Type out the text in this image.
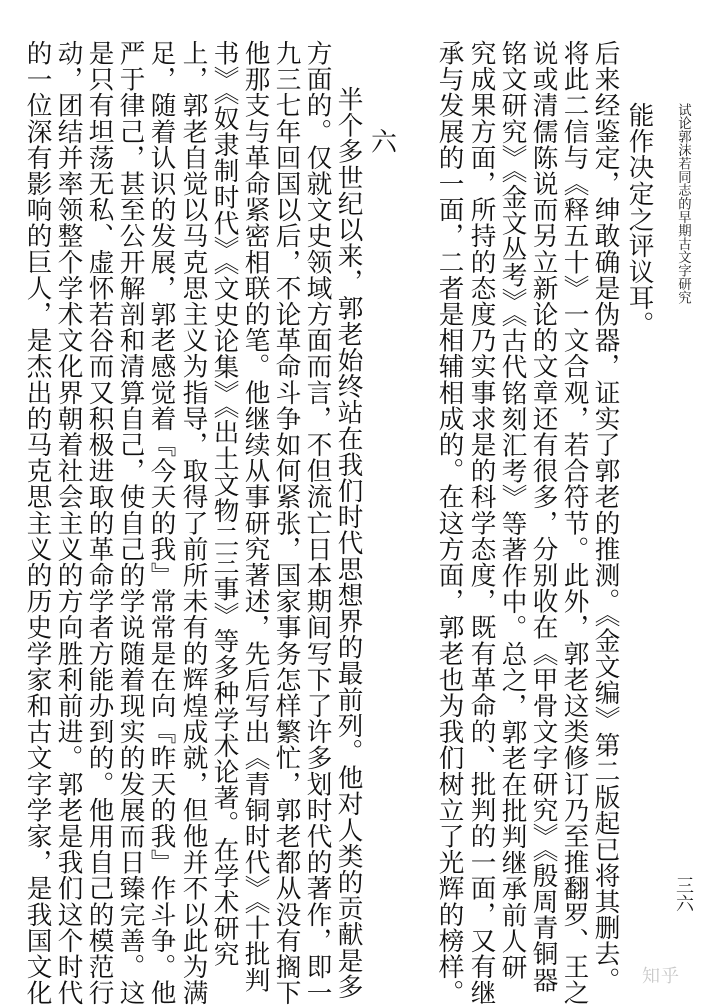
试论郭沫若同志的早期古文字研究
三六
六
知乎
能作决定之评议耳。
后来经鉴定，绅敢确是伪器，证实了郭老的推测。《金文编》第二版起已将其删去。
将此二信与《释五十》一文合观，若合符节。此外，郭老这类修订乃至推翻罗、王之
说或清儒陈说而另立新论的文章还有很多，分别收在《甲骨文字研究》《殷周青铜器
铭文研究》《金文丛考》《古代铭刻汇考》等著作中。总之，郭老在批判继承前人研
究成果方面，所持的态度乃实事求是的科学态度，既有革命的、批判的一面，又有继
承与发展的一面，二者是相辅相成的。在这方面，郭老也为我们树立了光辉的榜样。
半个多世纪以来，郭老始终站在我们时代思想界的最前列。他对人类的贡献是多
方面的。仅就文史领域方面而言，不但流亡日本期间写下了许多划时代的著作，即一
九三七年回国以后，不论革命斗争如何紧张，国家事务怎样繁忙，郭老都从没有搁下
他那支与革命紧密相联的笔。他继续从事研究著述，先后写出《青铜时代》《十批判
书》《奴隶制时代》《文史论集》《出土文物二三事》等多种学术论著。在学术研究
上，郭老自觉以马克思主义为指导，取得了前所未有的辉煌成就，但他并不以此为满
足，随着认识的发展，郭老感觉着『今天的我』常常是在向『昨天的我』作斗争。他
严于律己，甚至公开解剖和清算自己，使自己的学说随着现实的发展而日臻完善。这
是只有坦荡无私、虚怀若谷而又积极进取的革命学者方能办到的。他用自己的模范行
动，团结并率领整个学术文化界朝着社会主义的方向胜利前进。郭老是我们这个时代
的一位深有影响的巨人，是杰出的马克思主义的历史学家和古文字学家，是我国文化
